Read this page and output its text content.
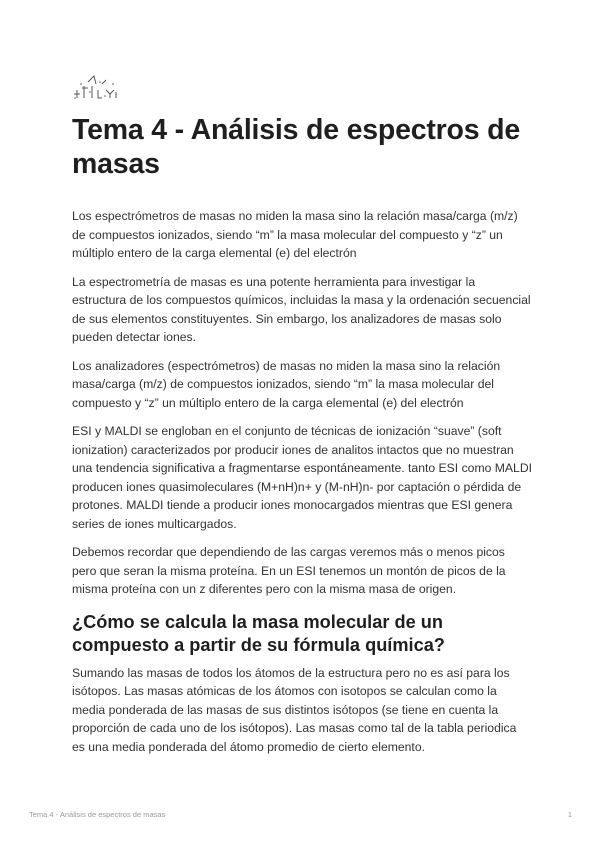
Tema 4 - Análisis de espectros de masas

Los espectrómetros de masas no miden la masa sino la relación masa/carga (m/z) de compuestos ionizados, siendo “m” la masa molecular del compuesto y “z” un múltiplo entero de la carga elemental (e) del electrón

La espectrometría de masas es una potente herramienta para investigar la estructura de los compuestos químicos, incluidas la masa y la ordenación secuencial de sus elementos constituyentes. Sin embargo, los analizadores de masas solo pueden detectar iones.

Los analizadores (espectrómetros) de masas no miden la masa sino la relación masa/carga (m/z) de compuestos ionizados, siendo “m” la masa molecular del compuesto y “z” un múltiplo entero de la carga elemental (e) del electrón

ESI y MALDI se engloban en el conjunto de técnicas de ionización “suave” (soft ionization) caracterizados por producir iones de analitos intactos que no muestran una tendencia significativa a fragmentarse espontáneamente. tanto ESI como MALDI producen iones quasimoleculares (M+nH)n+ y (M-nH)n- por captación o pérdida de protones. MALDI tiende a producir iones monocargados mientras que ESI genera series de iones multicargados.

Debemos recordar que dependiendo de las cargas veremos más o menos picos pero que seran la misma proteína. En un ESI tenemos un montón de picos de la misma proteína con un z diferentes pero con la misma masa de origen.

¿Cómo se calcula la masa molecular de un compuesto a partir de su fórmula química?

Sumando las masas de todos los átomos de la estructura pero no es así para los isótopos. Las masas atómicas de los átomos con isotopos se calculan como la media ponderada de las masas de sus distintos isótopos (se tiene en cuenta la proporción de cada uno de los isótopos). Las masas como tal de la tabla periodica es una media ponderada del átomo promedio de cierto elemento.

Tema 4 - Análisis de espectros de masas	1
